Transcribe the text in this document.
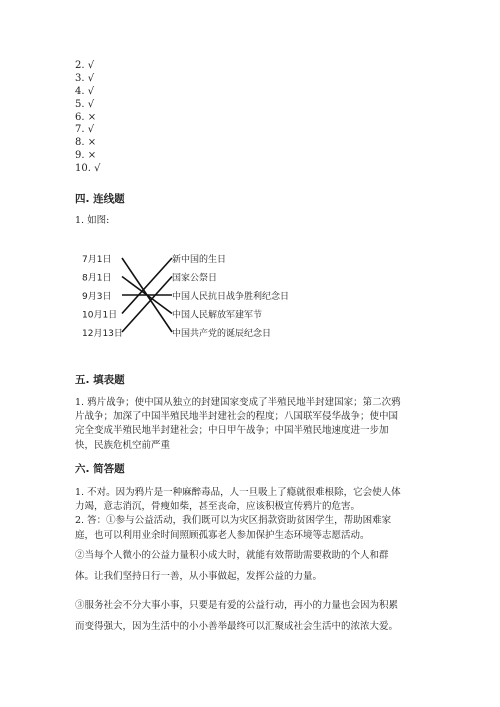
2. √
3. √
4. √
5. √
6. ×
7. √
8. ×
9. ×
10. √
四. 连线题
1. 如图:
7月1日
8月1日
9月3日
10月1日
12月13日
新中国的生日
国家公祭日
中国人民抗日战争胜利纪念日
中国人民解放军建军节
中国共产党的诞辰纪念日
五. 填表题
1. 鸦片战争；使中国从独立的封建国家变成了半殖民地半封建国家；第二次鸦
片战争；加深了中国半殖民地半封建社会的程度；八国联军侵华战争；使中国
完全变成半殖民地半封建社会；中日甲午战争；中国半殖民地速度进一步加
快，民族危机空前严重
六. 简答题
1. 不对。因为鸦片是一种麻醉毒品，人一旦吸上了瘾就很难根除，它会使人体
力竭，意志消沉，骨瘦如柴，甚至丧命，应该积极宣传鸦片的危害。
2. 答：①参与公益活动，我们既可以为灾区捐款资助贫困学生，帮助困难家
庭，也可以利用业余时间照顾孤寡老人参加保护生态环境等志愿活动。
②当每个人微小的公益力量积小成大时，就能有效帮助需要救助的个人和群
体。让我们坚持日行一善，从小事做起，发挥公益的力量。
③服务社会不分大事小事，只要是有爱的公益行动，再小的力量也会因为积累
而变得强大，因为生活中的小小善举最终可以汇聚成社会生活中的浓浓大爱。
